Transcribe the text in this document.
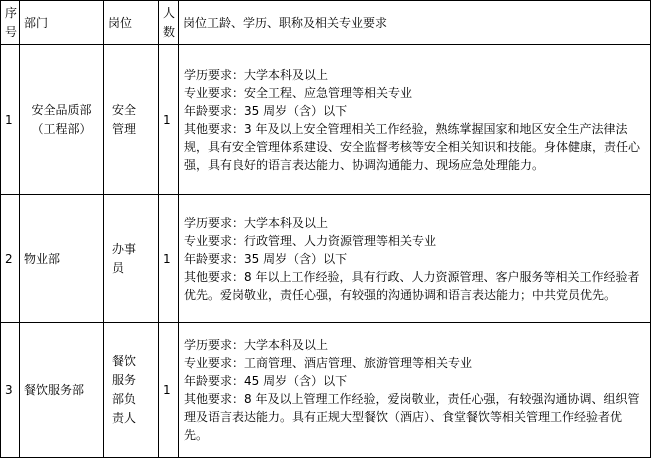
序号	部门	岗位	人数	岗位工龄、学历、职称及相关专业要求

1	安全品质部（工程部）	安全管理	1	学历要求：大学本科及以上
专业要求：安全工程、应急管理等相关专业
年龄要求：35 周岁（含）以下
其他要求：3 年及以上安全管理相关工作经验，熟练掌握国家和地区安全生产法律法规，具有安全管理体系建设、安全监督考核等安全相关知识和技能。身体健康，责任心强，具有良好的语言表达能力、协调沟通能力、现场应急处理能力。

2	物业部	办事员	1	学历要求：大学本科及以上
专业要求：行政管理、人力资源管理等相关专业
年龄要求：35 周岁（含）以下
其他要求：8 年以上工作经验，具有行政、人力资源管理、客户服务等相关工作经验者优先。爱岗敬业，责任心强，有较强的沟通协调和语言表达能力；中共党员优先。

3	餐饮服务部	餐饮服务部负责人	1	学历要求：大学本科及以上
专业要求：工商管理、酒店管理、旅游管理等相关专业
年龄要求：45 周岁（含）以下
其他要求：8 年及以上管理工作经验，爱岗敬业，责任心强，有较强沟通协调、组织管理及语言表达能力。具有正规大型餐饮（酒店）、食堂餐饮等相关管理工作经验者优先。
